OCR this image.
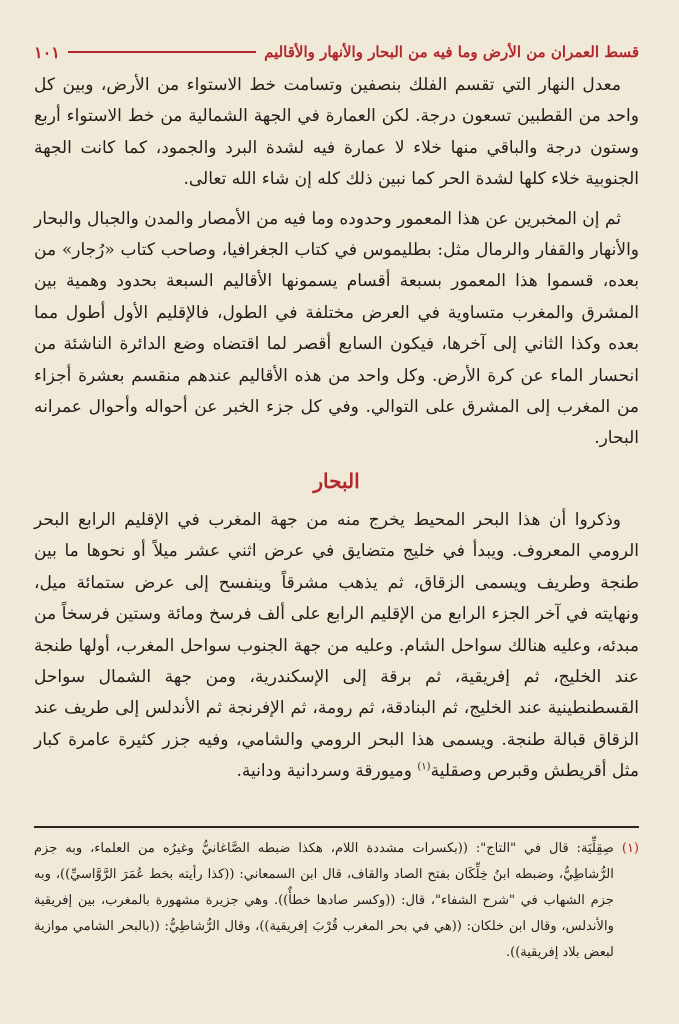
قسط العمران من الأرض وما فيه من البحار والأنهار والأقاليم
١٠١

معدل النهار التي تقسم الفلك بنصفين وتسامت خط الاستواء من الأرض، وبين كل واحد من القطبين تسعون درجة. لكن العمارة في الجهة الشمالية من خط الاستواء أربع وستون درجة والباقي منها خلاء لا عمارة فيه لشدة البرد والجمود، كما كانت الجهة الجنوبية خلاء كلها لشدة الحر كما نبين ذلك كله إن شاء الله تعالى.

ثم إن المخبرين عن هذا المعمور وحدوده وما فيه من الأمصار والمدن والجبال والبحار والأنهار والقفار والرمال مثل: بطليموس في كتاب الجغرافيا، وصاحب كتاب «رُجار» من بعده، قسموا هذا المعمور بسبعة أقسام يسمونها الأقاليم السبعة بحدود وهمية بين المشرق والمغرب متساوية في العرض مختلفة في الطول، فالإقليم الأول أطول مما بعده وكذا الثاني إلى آخرها، فيكون السابع أقصر لما اقتضاه وضع الدائرة الناشئة من انحسار الماء عن كرة الأرض. وكل واحد من هذه الأقاليم عندهم منقسم بعشرة أجزاء من المغرب إلى المشرق على التوالي. وفي كل جزء الخبر عن أحواله وأحوال عمرانه البحار.

البحار

وذكروا أن هذا البحر المحيط يخرج منه من جهة المغرب في الإقليم الرابع البحر الرومي المعروف. ويبدأ في خليج متضايق في عرض اثني عشر ميلاً أو نحوها ما بين طنجة وطريف ويسمى الزقاق، ثم يذهب مشرقاً وينفسح إلى عرض ستمائة ميل، ونهايته في آخر الجزء الرابع من الإقليم الرابع على ألف فرسخ ومائة وستين فرسخاً من مبدئه، وعليه هنالك سواحل الشام. وعليه من جهة الجنوب سواحل المغرب، أولها طنجة عند الخليج، ثم إفريقية، ثم برقة إلى الإسكندرية، ومن جهة الشمال سواحل القسطنطينية عند الخليج، ثم البنادقة، ثم رومة، ثم الإفرنجة ثم الأندلس إلى طريف عند الزقاق قبالة طنجة. ويسمى هذا البحر الرومي والشامي، وفيه جزر كثيرة عامرة كبار مثل أقريطش وقبرص وصقلية$^{(١)}$ وميورقة وسردانية ودانية.

(١)

صِقِلِّيَة: قال في "التاج": ((بكسرات مشددة اللام، هكذا ضبطه الصَّاغانيُّ وغيرُه من العلماء، وبه جزم الرُّشاطِيُّ، وضبطه ابنُ خِلِّكَان بفتح الصاد والقاف، قال ابن السمعاني: ((كذا رأيته بخط عُمَرَ الرَّوَّاسيِّ))، وبه جزم الشهاب في "شرح الشفاء"، قال: ((وكسر صادها خطأٌ)). وهي جزيرة مشهورة بالمغرب، بين إفريقية والأندلس، وقال ابن خلكان: ((هي في بحر المغرب قُرْبَ إفريقية))، وقال الرُّشاطِيُّ: ((بالبحر الشامي موازية لبعض بلاد إفريقية)).
